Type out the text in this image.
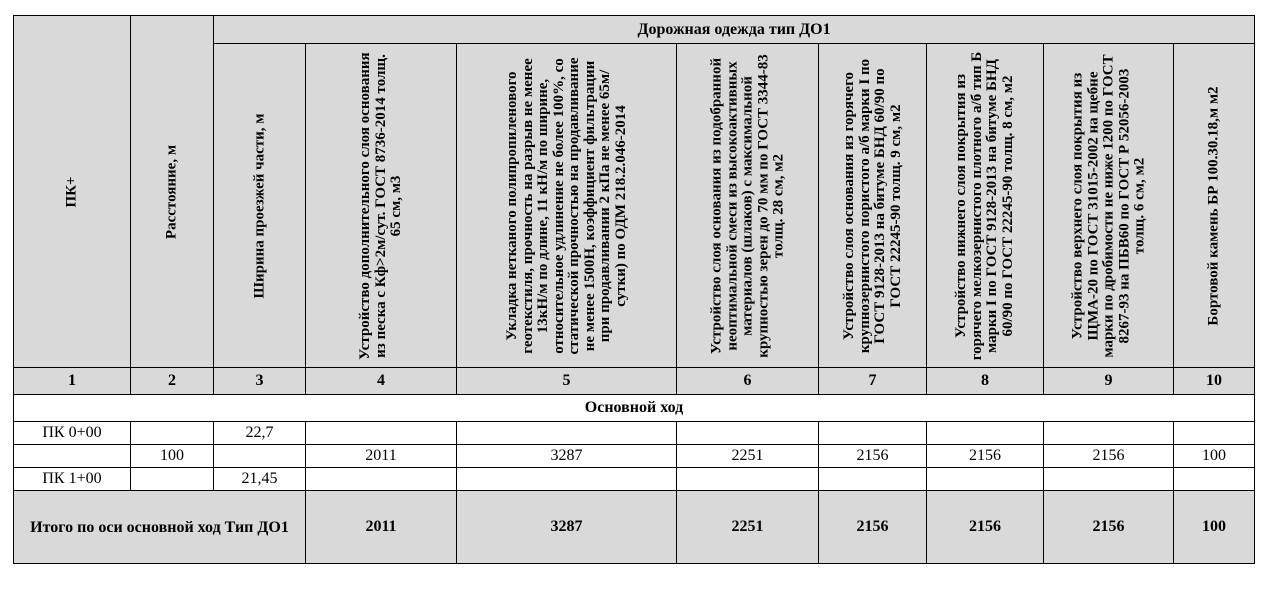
ПК+	Расстояние, м	Дорожная одежда тип ДО1							

		Ширина проезжей части, м	Устройство дополнительного слоя основания из песка с Кф>2м/сут. ГОСТ 8736-2014 толщ. 65 см, м3	Укладка нетканого полипропиленового геотекстиля, прочность на разрыв не менее 13кН/м по длине, 11 кН/м по ширине, относительное удлинение не более 100%, со статической прочностью на продавливание не менее 1500Н, коэффициент фильтрации при продавливании 2 кПа не менее 65м/сутки) по ОДМ 218.2.046-2014	Устройство слоя основания из подобранной неоптимальной смеси из высокоактивных материалов (шлаков) с максимальной крупностью зерен до 70 мм по ГОСТ 3344-83 толщ. 28 см, м2	Устройство слоя основания из горячего крупнозернистого пористого а/б марки I по ГОСТ 9128-2013 на битуме БНД 60/90 по ГОСТ 22245-90 толщ. 9 см, м2	Устройство нижнего слоя покрытия из горячего мелкозернистого плотного а/б тип Б марки I по ГОСТ 9128-2013 на битуме БНД 60/90 по ГОСТ 22245-90 толщ. 8 см, м2	Устройство верхнего слоя покрытия из ЩМА-20 по ГОСТ 31015-2002 на щебне марки по дробимости не ниже 1200 по ГОСТ 8267-93 на ПБВ60 по ГОСТ Р 52056-2003 толщ. 6 см, м2	Бортовой камень БР 100.30.18,м м2

1	2	3	4	5	6	7	8	9	10
Основной ход									
ПК 0+00		22,7							
	100		2011	3287	2251	2156	2156	2156	100
ПК 1+00		21,45							

Итого по оси основной ход Тип ДО1			2011	3287	2251	2156	2156	2156	100
